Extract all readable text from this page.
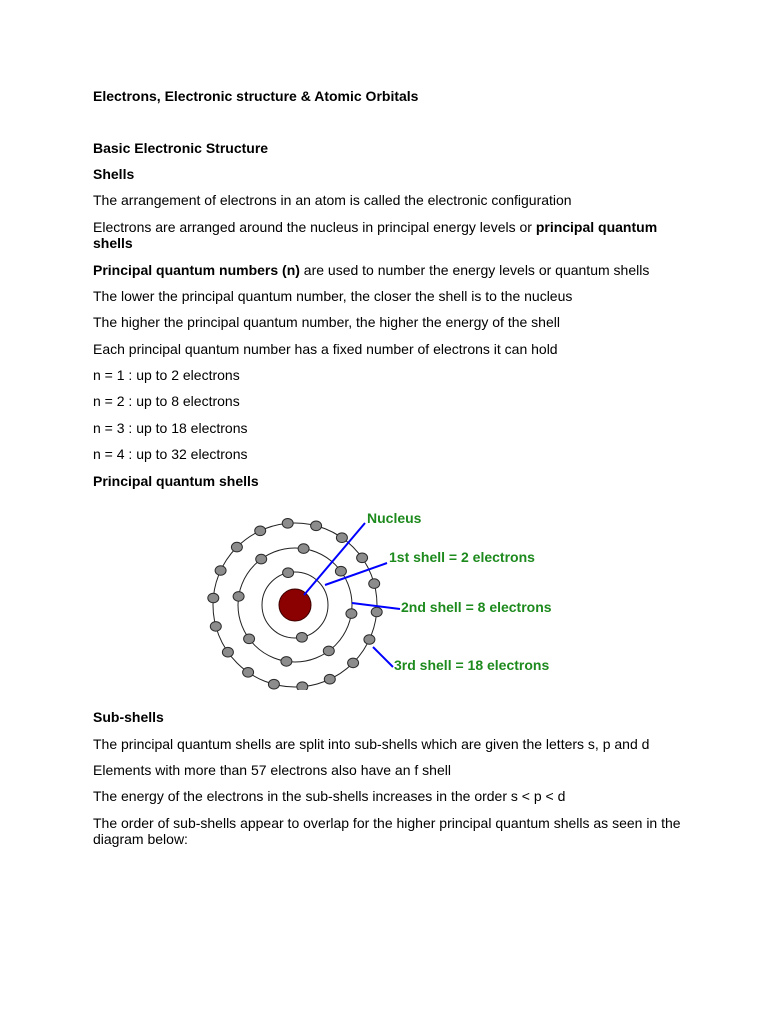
Electrons, Electronic structure & Atomic Orbitals

Basic Electronic Structure

Shells

The arrangement of electrons in an atom is called the electronic configuration

Electrons are arranged around the nucleus in principal energy levels or principal quantum shells

Principal quantum numbers (n) are used to number the energy levels or quantum shells

The lower the principal quantum number, the closer the shell is to the nucleus

The higher the principal quantum number, the higher the energy of the shell

Each principal quantum number has a fixed number of electrons it can hold

n = 1 : up to 2 electrons

n = 2 : up to 8 electrons

n = 3 : up to 18 electrons

n = 4 : up to 32 electrons

Principal quantum shells

Nucleus
1st shell = 2 electrons
2nd shell = 8 electrons
3rd shell = 18 electrons

Sub-shells

The principal quantum shells are split into sub-shells which are given the letters s, p and d

Elements with more than 57 electrons also have an f shell

The energy of the electrons in the sub-shells increases in the order s < p < d

The order of sub-shells appear to overlap for the higher principal quantum shells as seen in the diagram below:
